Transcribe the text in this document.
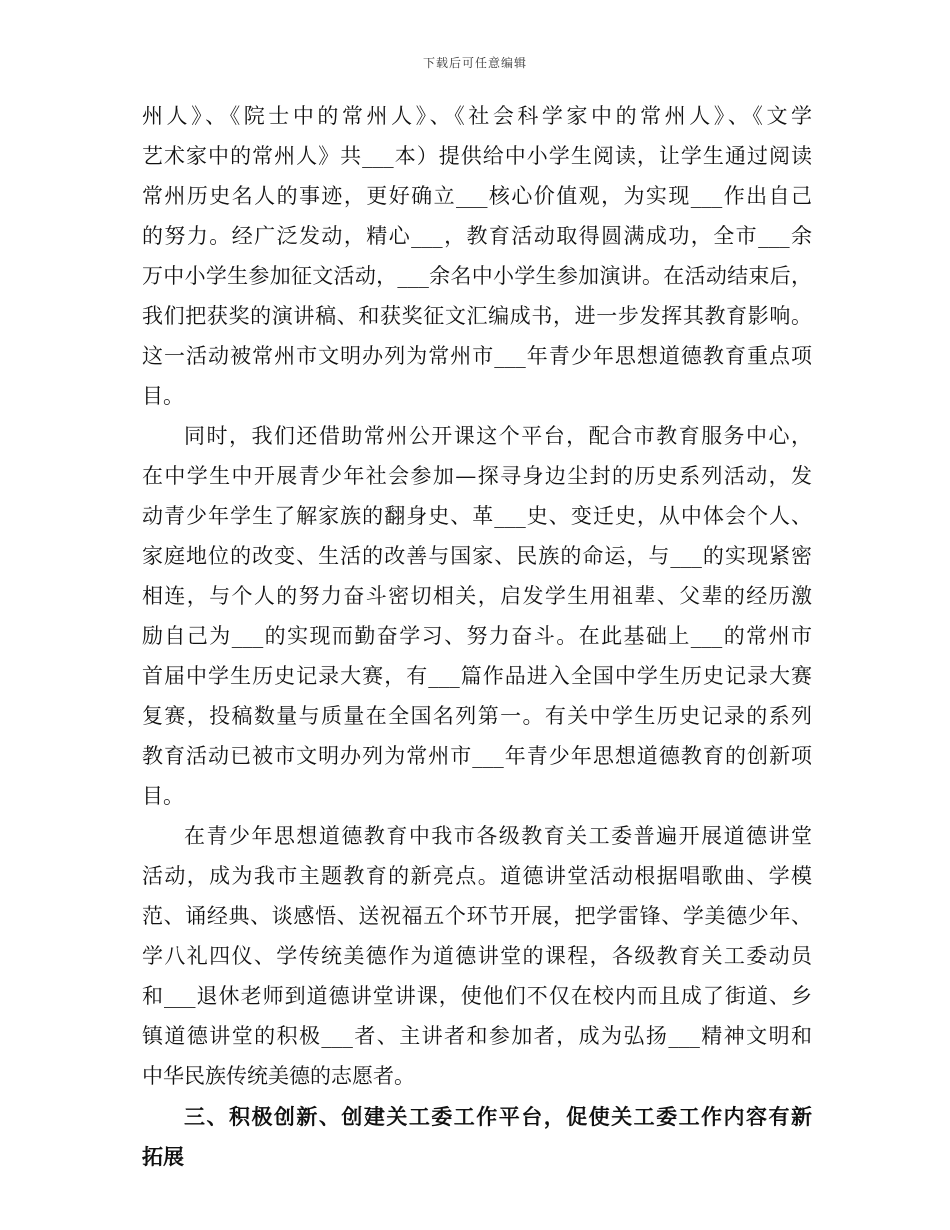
下载后可任意编辑
州人》、《院士中的常州人》、《社会科学家中的常州人》、《文学
艺术家中的常州人》共___本）提供给中小学生阅读，让学生通过阅读
常州历史名人的事迹，更好确立___核心价值观，为实现___作出自己
的努力。经广泛发动，精心___，教育活动取得圆满成功，全市___余
万中小学生参加征文活动，___余名中小学生参加演讲。在活动结束后，
我们把获奖的演讲稿、和获奖征文汇编成书，进一步发挥其教育影响。
这一活动被常州市文明办列为常州市___年青少年思想道德教育重点项
目。
同时，我们还借助常州公开课这个平台，配合市教育服务中心，
在中学生中开展青少年社会参加—探寻身边尘封的历史系列活动，发
动青少年学生了解家族的翻身史、革___史、变迁史，从中体会个人、
家庭地位的改变、生活的改善与国家、民族的命运，与___的实现紧密
相连，与个人的努力奋斗密切相关，启发学生用祖辈、父辈的经历激
励自己为___的实现而勤奋学习、努力奋斗。在此基础上___的常州市
首届中学生历史记录大赛，有___篇作品进入全国中学生历史记录大赛
复赛，投稿数量与质量在全国名列第一。有关中学生历史记录的系列
教育活动已被市文明办列为常州市___年青少年思想道德教育的创新项
目。
在青少年思想道德教育中我市各级教育关工委普遍开展道德讲堂
活动，成为我市主题教育的新亮点。道德讲堂活动根据唱歌曲、学模
范、诵经典、谈感悟、送祝福五个环节开展，把学雷锋、学美德少年、
学八礼四仪、学传统美德作为道德讲堂的课程，各级教育关工委动员
和___退休老师到道德讲堂讲课，使他们不仅在校内而且成了街道、乡
镇道德讲堂的积极___者、主讲者和参加者，成为弘扬___精神文明和
中华民族传统美德的志愿者。
三、积极创新、创建关工委工作平台，促使关工委工作内容有新
拓展
